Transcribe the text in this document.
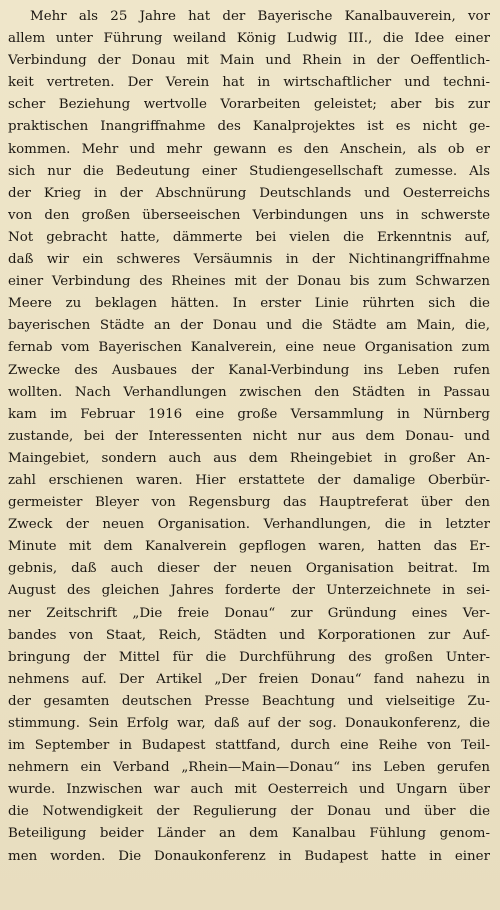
Mehr als 25 Jahre hat der Bayerische Kanalbauverein, vor
allem unter Führung weiland König Ludwig III., die Idee einer
Verbindung der Donau mit Main und Rhein in der Oeffentlich-
keit vertreten. Der Verein hat in wirtschaftlicher und techni-
scher Beziehung wertvolle Vorarbeiten geleistet; aber bis zur
praktischen Inangriffnahme des Kanalprojektes ist es nicht ge-
kommen. Mehr und mehr gewann es den Anschein, als ob er
sich nur die Bedeutung einer Studiengesellschaft zumesse. Als
der Krieg in der Abschnürung Deutschlands und Oesterreichs
von den großen überseeischen Verbindungen uns in schwerste
Not gebracht hatte, dämmerte bei vielen die Erkenntnis auf,
daß wir ein schweres Versäumnis in der Nichtinangriffnahme
einer Verbindung des Rheines mit der Donau bis zum Schwarzen
Meere zu beklagen hätten. In erster Linie rührten sich die
bayerischen Städte an der Donau und die Städte am Main, die,
fernab vom Bayerischen Kanalverein, eine neue Organisation zum
Zwecke des Ausbaues der Kanal-Verbindung ins Leben rufen
wollten. Nach Verhandlungen zwischen den Städten in Passau
kam im Februar 1916 eine große Versammlung in Nürnberg
zustande, bei der Interessenten nicht nur aus dem Donau- und
Maingebiet, sondern auch aus dem Rheingebiet in großer An-
zahl erschienen waren. Hier erstattete der damalige Oberbür-
germeister Bleyer von Regensburg das Hauptreferat über den
Zweck der neuen Organisation. Verhandlungen, die in letzter
Minute mit dem Kanalverein gepflogen waren, hatten das Er-
gebnis, daß auch dieser der neuen Organisation beitrat. Im
August des gleichen Jahres forderte der Unterzeichnete in sei-
ner Zeitschrift „Die freie Donau“ zur Gründung eines Ver-
bandes von Staat, Reich, Städten und Korporationen zur Auf-
bringung der Mittel für die Durchführung des großen Unter-
nehmens auf. Der Artikel „Der freien Donau“ fand nahezu in
der gesamten deutschen Presse Beachtung und vielseitige Zu-
stimmung. Sein Erfolg war, daß auf der sog. Donaukonferenz, die
im September in Budapest stattfand, durch eine Reihe von Teil-
nehmern ein Verband „Rhein—Main—Donau“ ins Leben gerufen
wurde. Inzwischen war auch mit Oesterreich und Ungarn über
die Notwendigkeit der Regulierung der Donau und über die
Beteiligung beider Länder an dem Kanalbau Fühlung genom-
men worden. Die Donaukonferenz in Budapest hatte in einer
